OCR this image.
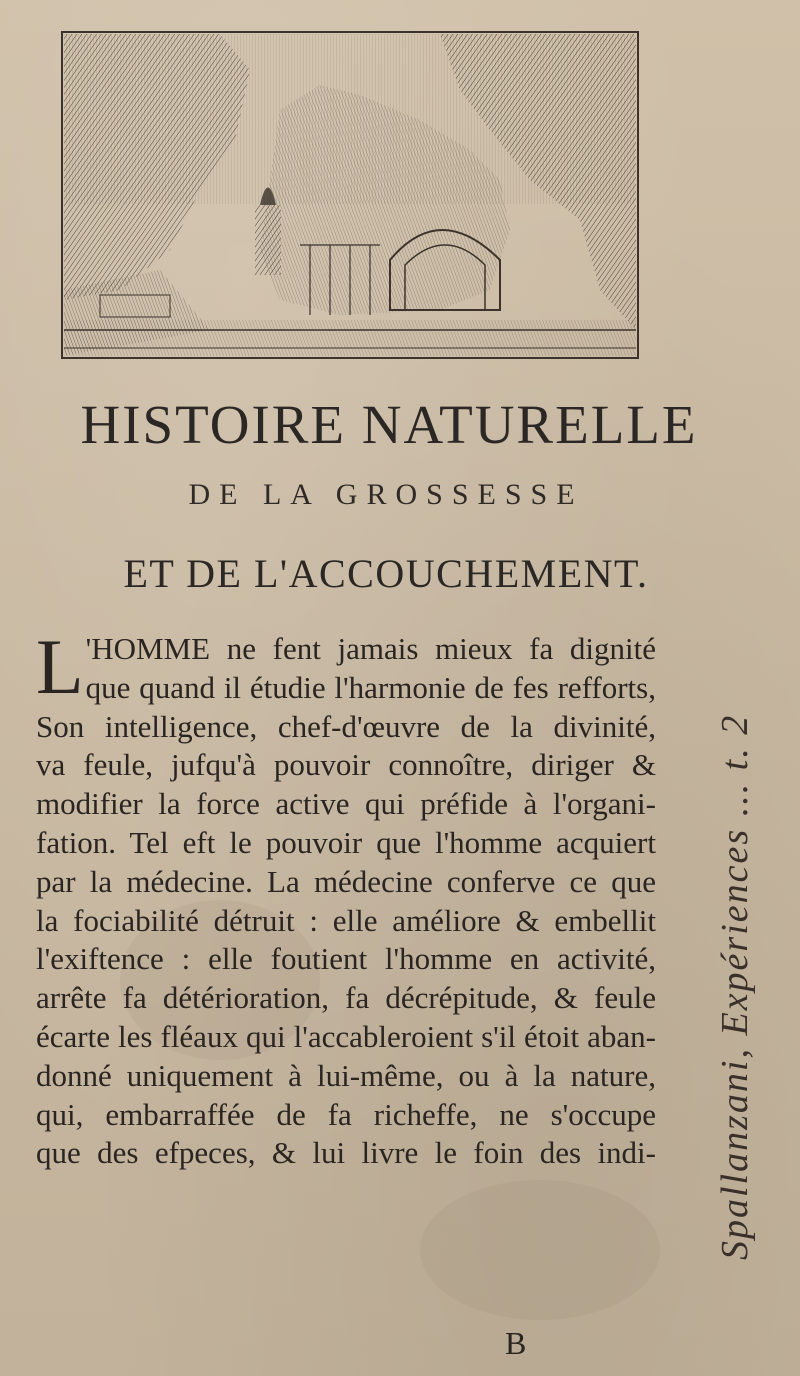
HISTOIRE NATURELLE
DE LA GROSSESSE
ET DE L'ACCOUCHEMENT.
L 'HOMME ne fent jamais mieux fa dignité
que quand il étudie l'harmonie de fes refforts,
Son intelligence, chef-d'œuvre de la divinité,
va feule, jufqu'à pouvoir connoître, diriger &
modifier la force active qui préfide à l'organi-
fation. Tel eft le pouvoir que l'homme acquiert
par la médecine. La médecine conferve ce que
la fociabilité détruit : elle améliore & embellit
l'exiftence : elle foutient l'homme en activité,
arrête fa détérioration, fa décrépitude, & feule
écarte les fléaux qui l'accableroient s'il étoit aban-
donné uniquement à lui-même, ou à la nature,
qui, embarraffée de fa richeffe, ne s'occupe
que des efpeces, & lui livre le foin des indi-
B
Spallanzani, Expériences ... t. 2
